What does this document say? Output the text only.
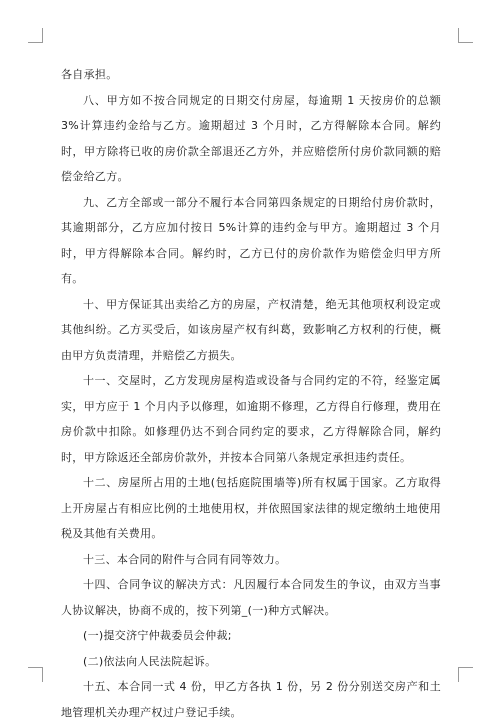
各自承担。

八、甲方如不按合同规定的日期交付房屋，每逾期 1 天按房价的总额 3%计算违约金给与乙方。逾期超过 3 个月时，乙方得解除本合同。解约时，甲方除将已收的房价款全部退还乙方外，并应赔偿所付房价款同额的赔偿金给乙方。

九、乙方全部或一部分不履行本合同第四条规定的日期给付房价款时，其逾期部分，乙方应加付按日 5%计算的违约金与甲方。逾期超过 3 个月时，甲方得解除本合同。解约时，乙方已付的房价款作为赔偿金归甲方所有。

十、甲方保证其出卖给乙方的房屋，产权清楚，绝无其他项权利设定或其他纠纷。乙方买受后，如该房屋产权有纠葛，致影响乙方权利的行使，概由甲方负责清理，并赔偿乙方损失。

十一、交屋时，乙方发现房屋构造或设备与合同约定的不符，经鉴定属实，甲方应于 1 个月内予以修理，如逾期不修理，乙方得自行修理，费用在房价款中扣除。如修理仍达不到合同约定的要求，乙方得解除合同，解约时，甲方除返还全部房价款外，并按本合同第八条规定承担违约责任。

十二、房屋所占用的土地(包括庭院围墙等)所有权属于国家。乙方取得上开房屋占有相应比例的土地使用权，并依照国家法律的规定缴纳土地使用税及其他有关费用。

十三、本合同的附件与合同有同等效力。

十四、合同争议的解决方式：凡因履行本合同发生的争议，由双方当事人协议解决，协商不成的，按下列第_(一)种方式解决。

(一)提交济宁仲裁委员会仲裁;

(二)依法向人民法院起诉。

十五、本合同一式 4 份，甲乙方各执 1 份，另 2 份分别送交房产和土地管理机关办理产权过户登记手续。
